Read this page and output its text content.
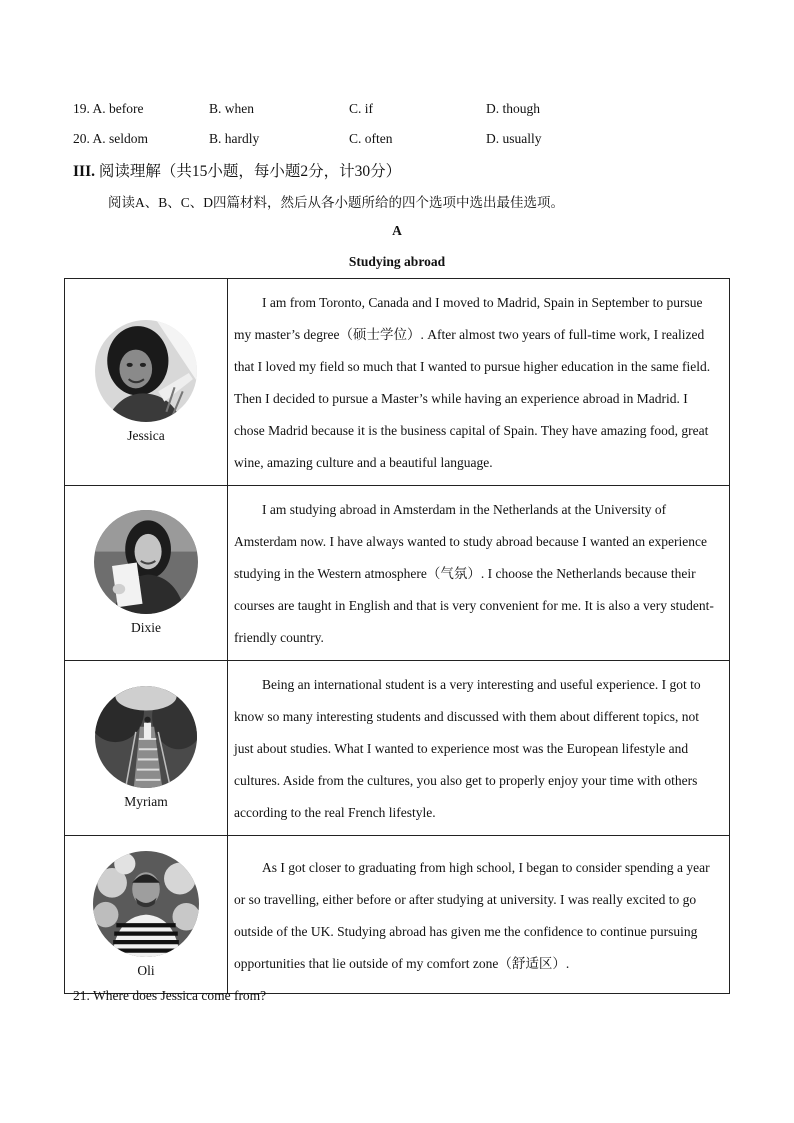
19. A. before	B. when	C. if	D. though
20. A. seldom	B. hardly	C. often	D. usually
III. 阅读理解（共15小题，每小题2分，计30分）
阅读A、B、C、D四篇材料，然后从各小题所给的四个选项中选出最佳选项。
A
Studying abroad
Jessica	I am from Toronto, Canada and I moved to Madrid, Spain in September to pursue my master’s degree（硕士学位）. After almost two years of full-time work, I realized that I loved my field so much that I wanted to pursue higher education in the same field. Then I decided to pursue a Master’s while having an experience abroad in Madrid. I chose Madrid because it is the business capital of Spain. They have amazing food, great wine, amazing culture and a beautiful language.

Dixie	I am studying abroad in Amsterdam in the Netherlands at the University of Amsterdam now. I have always wanted to study abroad because I wanted an experience studying in the Western atmosphere（气氛）. I choose the Netherlands because their courses are taught in English and that is very convenient for me. It is also a very student-friendly country.

Myriam	Being an international student is a very interesting and useful experience. I got to know so many interesting students and discussed with them about different topics, not just about studies. What I wanted to experience most was the European lifestyle and cultures. Aside from the cultures, you also get to properly enjoy your time with others according to the real French lifestyle.

Oli	As I got closer to graduating from high school, I began to consider spending a year or so travelling, either before or after studying at university. I was really excited to go outside of the UK. Studying abroad has given me the confidence to continue pursuing opportunities that lie outside of my comfort zone（舒适区）.

21. Where does Jessica come from?
